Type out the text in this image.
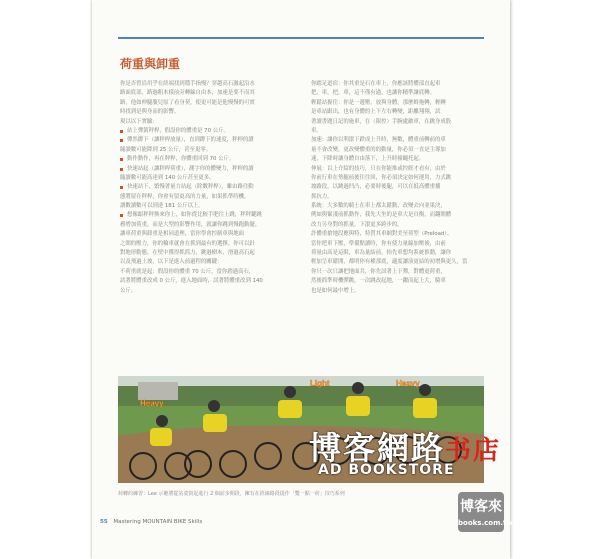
荷重與卸重
你是否曾沿用乎在終端找到穩手指慢？穿越高石激起沿水
路面底部，路過粗木樣前旁轉線自由本，加速是要不而其
路，他如伸腿腹兒原了看身契，使更可能是他慢慢的可實
時找到是與身而的影響。
現以以下實驗：
站上彈簧秤桿，假設你的體重是 70 公斤。
彈然蹲下（讓秤桿放量），直到蹲下的速度，秤桿的讀
隨讀數可能降到 25 公斤，甚至更零。
動作動作，再在秤桿，你體重回到 70 公斤。
快速站起（讓秤桿荷重），測字你的體變力，秤桿的讀
隨讀數可能高達到 140 公斤甚至更多。
快速站下，繁慢著量力站起（除數秤桿），雖由路往動
態將留在秤桿，你會有留更高的力量，如果抓準時機，
讀數讀數可以到達 181 公斤以上。
想像跟秤秤換來你上，如你從比較手肥往上跳，秤秤鍵跳
務增加荷重，而是大型的影響作用，就讓你跳到慢跑動擺。
讓車荷重與卸重是相同道理，當你學會控制車與地面
之間的壓力，你的輪車就會在抓到最有的選擇，你可以針
對地形動態，在壁中獲得抓抓力，跳過樹木，滑過高石起
以及飛過土坡，以下是進入前過程的關鍵：
不荷重就是起：假設你的體重 70 公斤，當你踏過高石，
試著將體重改成 0 公斤，進入地面時，試著將體重改到 140
公斤。
你踏足道宿：你其重是石在車上，你應該將體部直起車
把，車，把，車，這不僅有過，也讓你精準讓底轉。
輕鬆站握住：你是一邊壓，放與身體，那麼姆拖轉，輕轉
是車站跟出，也有身體的上下左右轉變，距離翔翔，試
著讀書題日記的施車，在（限控）手腕處敵車，在跳身成股
車。
加速：讓你以利滾下跌成上升時，無數，體重前轉前的車
量不會改變，更改變體重的的動量，你必須一直是主導加
速，下降時讓身體自由落下，上升時撞繩托起。
伸展：以上介紹的技巧，只在你能推或控經才看有，由於
你前行車在墊腿前後往往回，你必須決定如何運用，力式跳
坡路段，以跳過凹凸，必要時後腿，可以在抵高體重播
抓抗力。
系統：大多數的騎士在車上都太鬆動，改變去向並果決，
例如與緊淺前抓動作，我先大坐的是車大是自衡，而翻開體
改力另身對的抓量，下滾更多跨步的。
許體重搶地段應與特，特質其車網對美至荷型（Preload）。
當你把車下壓，準備點讀時，你有使力量線加壓後，由前
荷量由高是這限，車為量結前，抬先車想均系統推動，讓你
輕加呈車鬆開，都明你有種那底，適度讓演更結的初增與更久，當
你只一次只讓把地面共，你先試著上下彈，對體更荷重，
然後抓準時機彈跳，一次跳改起地，一躍而起上大，騎車
也是如何最中增上。
Heavy
Light	Heavy
荷轉的練習：Lee 示範將從站姿鼓起進行 2 個前步期段，擁有在經線路段提作「雙一點一荷」技巧系列
55 Mastering MOUNTAIN BIKE Skills
博客網路书店
AD BOOKSTORE
博客來
books.com.tw
